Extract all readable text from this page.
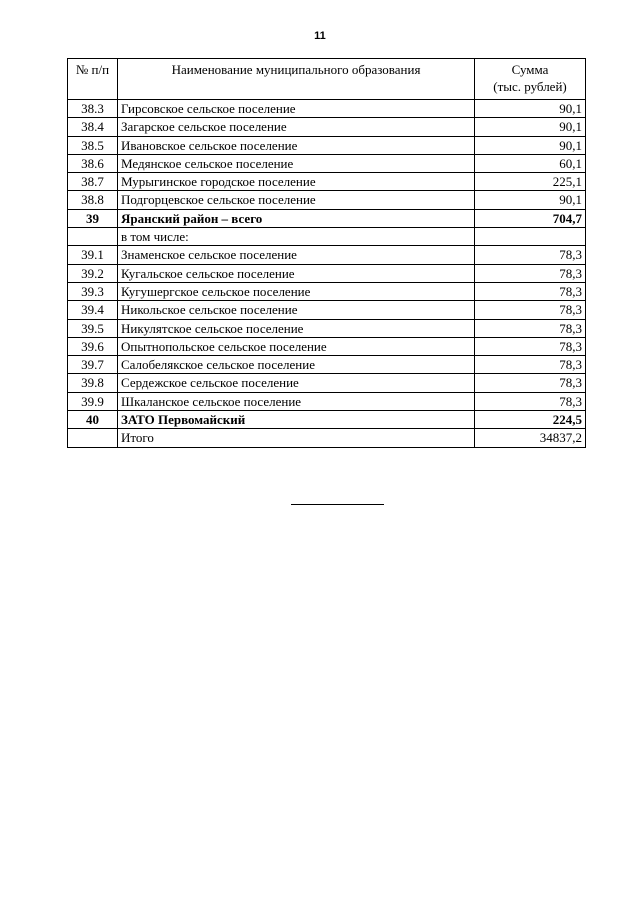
11
№ п/п	Наименование муниципального образования	Сумма
(тыс. рублей)
38.3	Гирсовское сельское поселение	90,1
38.4	Загарское сельское поселение	90,1
38.5	Ивановское сельское поселение	90,1
38.6	Медянское сельское поселение	60,1
38.7	Мурыгинское городское поселение	225,1
38.8	Подгорцевское сельское поселение	90,1
39	Яранский район – всего	704,7
	в том числе:	
39.1	Знаменское сельское поселение	78,3
39.2	Кугальское сельское поселение	78,3
39.3	Кугушергское сельское поселение	78,3
39.4	Никольское сельское поселение	78,3
39.5	Никулятское сельское поселение	78,3
39.6	Опытнопольское сельское поселение	78,3
39.7	Салобелякское сельское поселение	78,3
39.8	Сердежское сельское поселение	78,3
39.9	Шкаланское сельское поселение	78,3
40	ЗАТО Первомайский	224,5
	Итого	34837,2
